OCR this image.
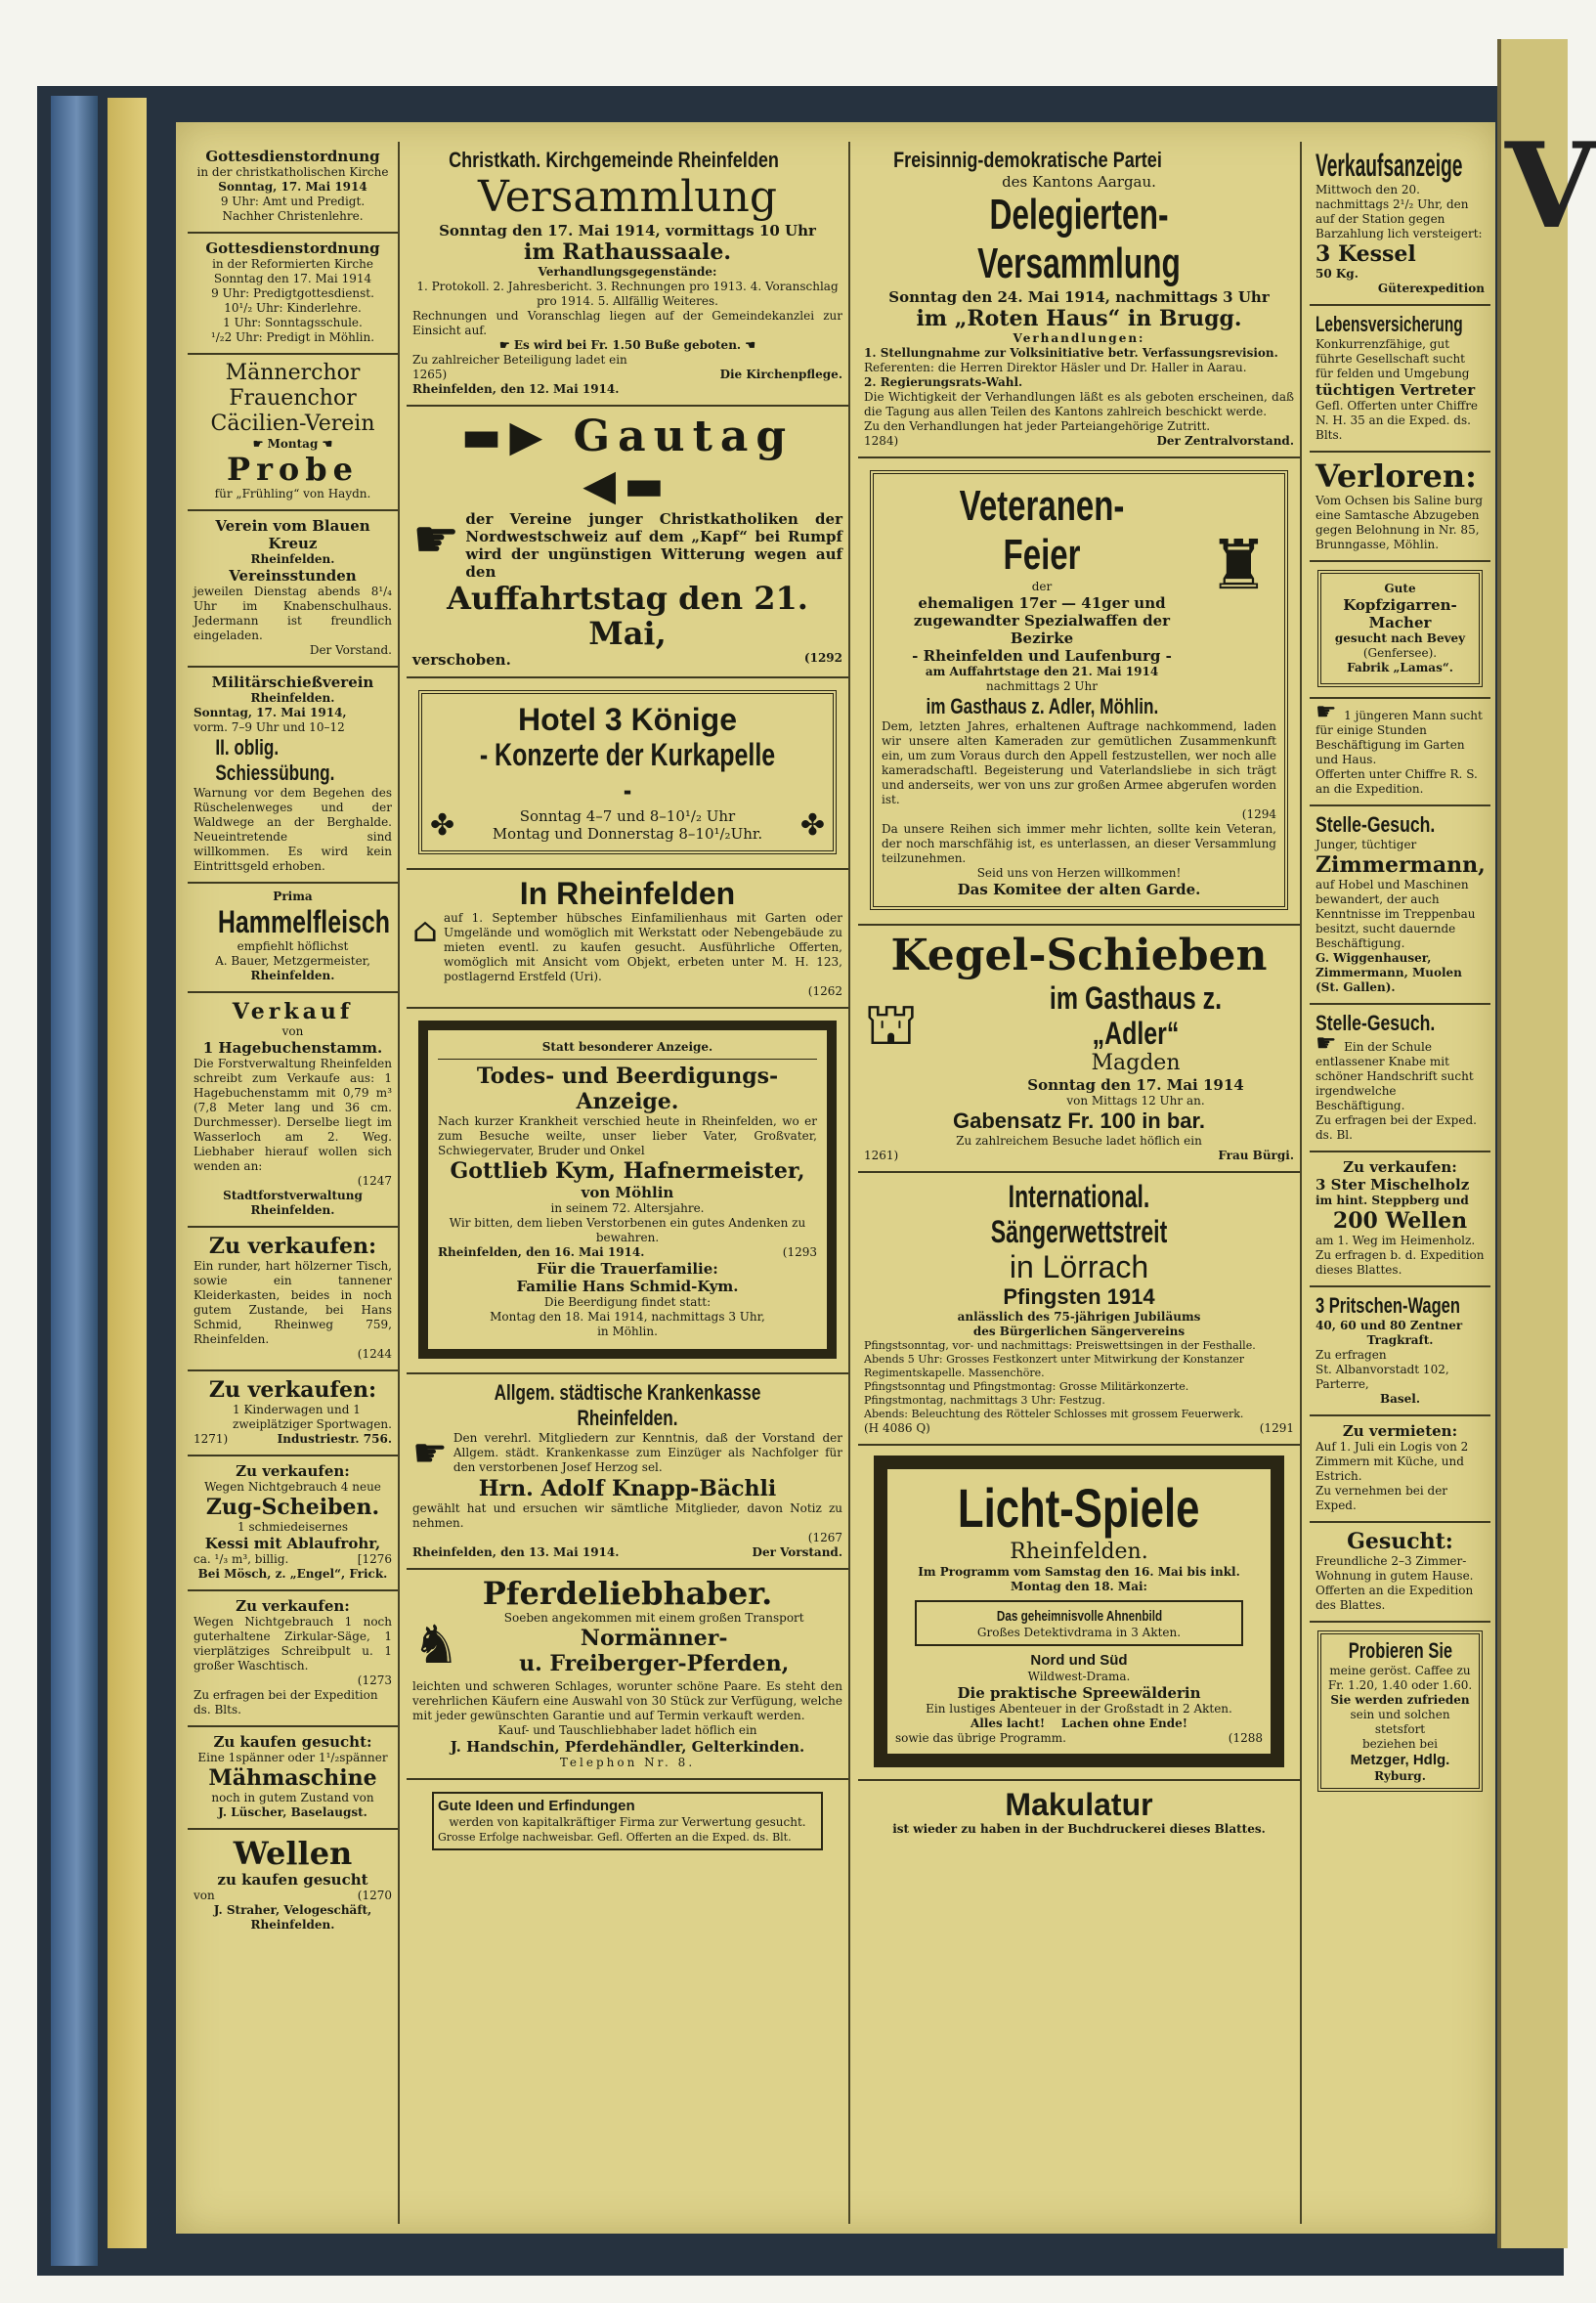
V
Gottesdienstordnung
in der christkatholischen Kirche
Sonntag, 17. Mai 1914
9 Uhr: Amt und Predigt.
Nachher Christenlehre.
Gottesdienstordnung
in der Reformierten Kirche
Sonntag den 17. Mai 1914
9 Uhr: Predigtgottesdienst.
10¹/₂ Uhr: Kinderlehre.
1 Uhr: Sonntagsschule.
¹/₂2 Uhr: Predigt in Möhlin.
Männerchor
Frauenchor
Cäcilien-Verein
☛ Montag ☚
Probe
für „Frühling“ von Haydn.
Verein vom Blauen Kreuz
Rheinfelden.
Vereinsstunden
jeweilen Dienstag abends 8¹/₄ Uhr im Knabenschulhaus. Jedermann ist freundlich eingeladen.
Der Vorstand.
Militärschießverein
Rheinfelden.
Sonntag, 17. Mai 1914,
vorm. 7–9 Uhr und 10–12
II. oblig. Schiessübung.
Warnung vor dem Begehen des Rüschelenweges und der Waldwege an der Berghalde. Neueintretende sind willkommen. Es wird kein Eintrittsgeld erhoben.
Prima
Hammelfleisch
empfiehlt höflichst
A. Bauer, Metzgermeister,
Rheinfelden.
Verkauf
von
1 Hagebuchenstamm.
Die Forstverwaltung Rheinfelden schreibt zum Verkaufe aus: 1 Hagebuchenstamm mit 0,79 m³ (7,8 Meter lang und 36 cm. Durchmesser). Derselbe liegt im Wasserloch am 2. Weg. Liebhaber hierauf wollen sich wenden an:
(1247
Stadtforstverwaltung
Rheinfelden.
Zu verkaufen:
Ein runder, hart hölzerner Tisch, sowie ein tannener Kleiderkasten, beides in noch gutem Zustande, bei Hans Schmid, Rheinweg 759, Rheinfelden.
(1244
Zu verkaufen:
1 Kinderwagen und 1 zweiplätziger Sportwagen.
1271)	Industriestr. 756.
Zu verkaufen:
Wegen Nichtgebrauch 4 neue
Zug-Scheiben.
1 schmiedeisernes
Kessi mit Ablaufrohr,
ca. ¹/₃ m³, billig.	[1276
Bei Mösch, z. „Engel“, Frick.
Zu verkaufen:
Wegen Nichtgebrauch 1 noch guterhaltene Zirkular-Säge, 1 vierplätziges Schreibpult u. 1 großer Waschtisch.
(1273
Zu erfragen bei der Expedition ds. Blts.
Zu kaufen gesucht:
Eine 1spänner oder 1¹/₂spänner
Mähmaschine
noch in gutem Zustand von
J. Lüscher, Baselaugst.
Wellen
zu kaufen gesucht
von	(1270
J. Straher, Velogeschäft,
Rheinfelden.
Christkath. Kirchgemeinde Rheinfelden
Versammlung
Sonntag den 17. Mai 1914, vormittags 10 Uhr
im Rathaussaale.
Verhandlungsgegenstände:
1. Protokoll. 2. Jahresbericht. 3. Rechnungen pro 1913. 4. Voranschlag pro 1914. 5. Allfällig Weiteres.
Rechnungen und Voranschlag liegen auf der Gemeindekanzlei zur Einsicht auf.
☛ Es wird bei Fr. 1.50 Buße geboten. ☚
Zu zahlreicher Beteiligung ladet ein
1265)	Die Kirchenpflege.
Rheinfelden, den 12. Mai 1914.
▬▶ Gautag ◀▬
☛ der Vereine junger Christkatholiken der Nordwestschweiz auf dem „Kapf“ bei Rumpf wird der ungünstigen Witterung wegen auf den
Auffahrtstag den 21. Mai,
verschoben.	(1292
Hotel 3 Könige
- Konzerte der Kurkapelle -
✤	Sonntag 4–7 und 8–10¹/₂ Uhr
Montag und Donnerstag 8–10¹/₂Uhr. ✤
In Rheinfelden
⌂ auf 1. September hübsches Einfamilienhaus mit Garten oder Umgelände und womöglich mit Werkstatt oder Nebengebäude zu mieten eventl. zu kaufen gesucht. Ausführliche Offerten, womöglich mit Ansicht vom Objekt, erbeten unter M. H. 123, postlagernd Erstfeld (Uri).
(1262
Statt besonderer Anzeige.
Todes- und Beerdigungs-Anzeige.
Nach kurzer Krankheit verschied heute in Rheinfelden, wo er zum Besuche weilte, unser lieber Vater, Großvater, Schwiegervater, Bruder und Onkel
Gottlieb Kym, Hafnermeister,
von Möhlin
in seinem 72. Altersjahre.
Wir bitten, dem lieben Verstorbenen ein gutes Andenken zu bewahren.
Rheinfelden, den 16. Mai 1914.	(1293
Für die Trauerfamilie:
Familie Hans Schmid-Kym.
Die Beerdigung findet statt:
Montag den 18. Mai 1914, nachmittags 3 Uhr,
in Möhlin.
Allgem. städtische Krankenkasse Rheinfelden.
☛ Den verehrl. Mitgliedern zur Kenntnis, daß der Vorstand der Allgem. städt. Krankenkasse zum Einzüger als Nachfolger für den verstorbenen Josef Herzog sel.
Hrn. Adolf Knapp-Bächli
gewählt hat und ersuchen wir sämtliche Mitglieder, davon Notiz zu nehmen.
(1267
Rheinfelden, den 13. Mai 1914.	Der Vorstand.
Pferdeliebhaber.
♞	Soeben angekommen mit einem großen Transport
Normänner-
u. Freiberger-Pferden,
leichten und schweren Schlages, worunter schöne Paare. Es steht den verehrlichen Käufern eine Auswahl von 30 Stück zur Verfügung, welche mit jeder gewünschten Garantie und auf Termin verkauft werden.
Kauf- und Tauschliebhaber ladet höflich ein
J. Handschin, Pferdehändler, Gelterkinden.
Telephon Nr. 8.
Gute Ideen und Erfindungen
werden von kapitalkräftiger Firma zur Verwertung gesucht.
Grosse Erfolge nachweisbar. Gefl. Offerten an die Exped. ds. Blt.
Freisinnig-demokratische Partei
des Kantons Aargau.
Delegierten-Versammlung
Sonntag den 24. Mai 1914, nachmittags 3 Uhr
im „Roten Haus“ in Brugg.
Verhandlungen:
1. Stellungnahme zur Volksinitiative betr. Verfassungsrevision.
Referenten: die Herren Direktor Häsler und Dr. Haller in Aarau.
2. Regierungsrats-Wahl.
Die Wichtigkeit der Verhandlungen läßt es als geboten erscheinen, daß die Tagung aus allen Teilen des Kantons zahlreich beschickt werde.
Zu den Verhandlungen hat jeder Parteiangehörige Zutritt.
1284)	Der Zentralvorstand.
Veteranen-Feier
der
ehemaligen 17er — 41ger und zugewandter Spezialwaffen der Bezirke
- Rheinfelden und Laufenburg -
am Auffahrtstage den 21. Mai 1914
nachmittags 2 Uhr
im Gasthaus z. Adler, Möhlin.
♜
Dem, letzten Jahres, erhaltenen Auftrage nachkommend, laden wir unsere alten Kameraden zur gemütlichen Zusammenkunft ein, um zum Voraus durch den Appell festzustellen, wer noch alle kameradschaftl. Begeisterung und Vaterlandsliebe in sich trägt und anderseits, wer von uns zur großen Armee abgerufen worden ist.
(1294
Da unsere Reihen sich immer mehr lichten, sollte kein Veteran, der noch marschfähig ist, es unterlassen, an dieser Versammlung teilzunehmen.
Seid uns von Herzen willkommen!
Das Komitee der alten Garde.
Kegel-Schieben
⛫	im Gasthaus z. „Adler“
Magden
Sonntag den 17. Mai 1914
von Mittags 12 Uhr an.
Gabensatz Fr. 100 in bar.
Zu zahlreichem Besuche ladet höflich ein
1261)	Frau Bürgi.
International. Sängerwettstreit
in Lörrach
Pfingsten 1914
anlässlich des 75-jährigen Jubiläums
des Bürgerlichen Sängervereins
Pfingstsonntag, vor- und nachmittags: Preiswettsingen in der Festhalle. Abends 5 Uhr: Grosses Festkonzert unter Mitwirkung der Konstanzer Regimentskapelle. Massenchöre.
Pfingstsonntag und Pfingstmontag: Grosse Militärkonzerte.
Pfingstmontag, nachmittags 3 Uhr: Festzug.
Abends: Beleuchtung des Rötteler Schlosses mit grossem Feuerwerk.
(H 4086 Q)	(1291
Licht-Spiele
Rheinfelden.
Im Programm vom Samstag den 16. Mai bis inkl. Montag den 18. Mai:
Das geheimnisvolle Ahnenbild
Großes Detektivdrama in 3 Akten.
Nord und Süd
Wildwest-Drama.
Die praktische Spreewälderin
Ein lustiges Abenteuer in der Großstadt in 2 Akten.
Alles lacht!    Lachen ohne Ende!
sowie das übrige Programm.	(1288
Makulatur
ist wieder zu haben in der Buchdruckerei dieses Blattes.
Verkaufsanzeige
Mittwoch den 20. nachmittags 2¹/₂ Uhr, den auf der Station gegen Barzahlung lich versteigert:
3 Kessel
50 Kg.
Güterexpedition
Lebensversicherung
Konkurrenzfähige, gut führte Gesellschaft sucht für felden und Umgebung
tüchtigen Vertreter
Gefl. Offerten unter Chiffre N. H. 35 an die Exped. ds. Blts.
Verloren:
Vom Ochsen bis Saline burg eine Samtasche Abzugeben gegen Belohnung in Nr. 85, Brunngasse, Möhlin.
Gute
Kopfzigarren-Macher
gesucht nach Bevey
(Genfersee).
Fabrik „Lamas“.
☛ 1 jüngeren Mann sucht für einige Stunden Beschäftigung im Garten und Haus.
Offerten unter Chiffre R. S. an die Expedition.
Stelle-Gesuch.
Junger, tüchtiger
Zimmermann,
auf Hobel und Maschinen bewandert, der auch Kenntnisse im Treppenbau besitzt, sucht dauernde Beschäftigung.
G. Wiggenhauser, Zimmermann, Muolen (St. Gallen).
Stelle-Gesuch.
☛ Ein der Schule entlassener Knabe mit schöner Handschrift sucht irgendwelche Beschäftigung.
Zu erfragen bei der Exped. ds. Bl.
Zu verkaufen:
3 Ster Mischelholz
im hint. Steppberg und
200 Wellen
am 1. Weg im Heimenholz.
Zu erfragen b. d. Expedition dieses Blattes.
3 Pritschen-Wagen
40, 60 und 80 Zentner
Tragkraft.
Zu erfragen
St. Albanvorstadt 102, Parterre,
Basel.
Zu vermieten:
Auf 1. Juli ein Logis von 2 Zimmern mit Küche, und Estrich.
Zu vernehmen bei der Exped.
Gesucht:
Freundliche 2–3 Zimmer-Wohnung in gutem Hause. Offerten an die Expedition des Blattes.
Probieren Sie
meine geröst. Caffee zu Fr. 1.20, 1.40 oder 1.60.
Sie werden zufrieden
sein und solchen stetsfort
beziehen bei
Metzger, Hdlg.
Ryburg.
